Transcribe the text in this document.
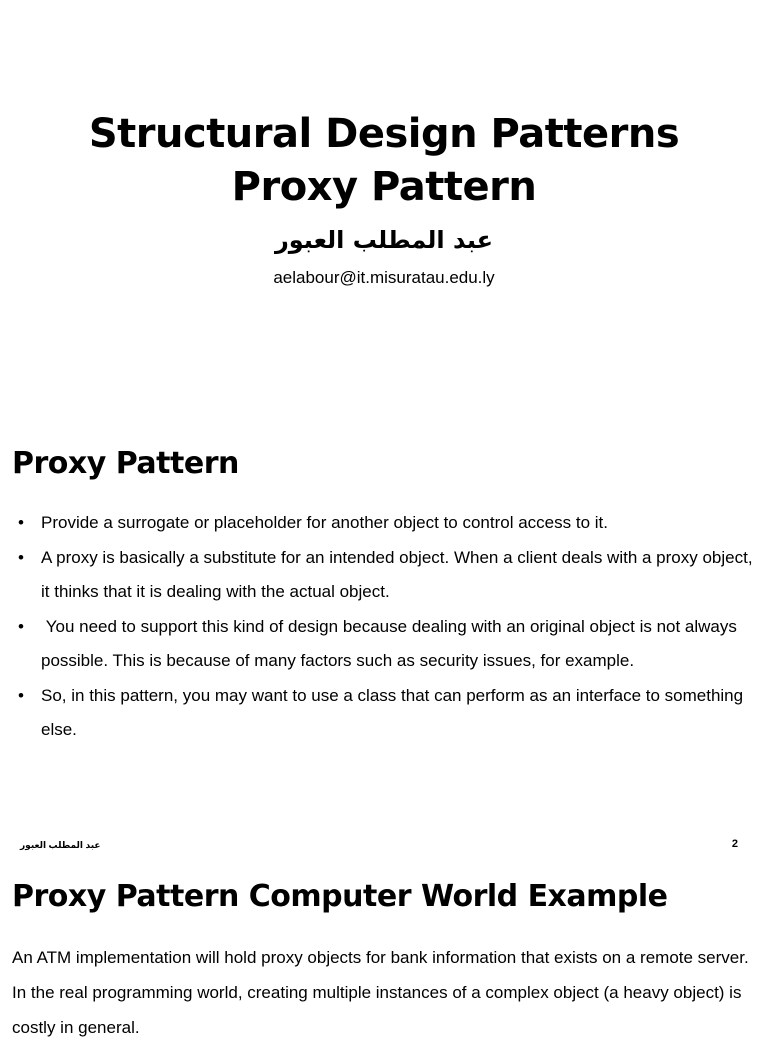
Structural Design Patterns
Proxy Pattern
عبد المطلب العبور
aelabour@it.misuratau.edu.ly
Proxy Pattern
• Provide a surrogate or placeholder for another object to control access to it.
• A proxy is basically a substitute for an intended object. When a client deals with a proxy object, it thinks that it is dealing with the actual object.
• You need to support this kind of design because dealing with an original object is not always possible. This is because of many factors such as security issues, for example.
• So, in this pattern, you may want to use a class that can perform as an interface to something else.
عبد المطلب العبور	2
Proxy Pattern Computer World Example

An ATM implementation will hold proxy objects for bank information that exists on a remote server. In the real programming world, creating multiple instances of a complex object (a heavy object) is costly in general.
